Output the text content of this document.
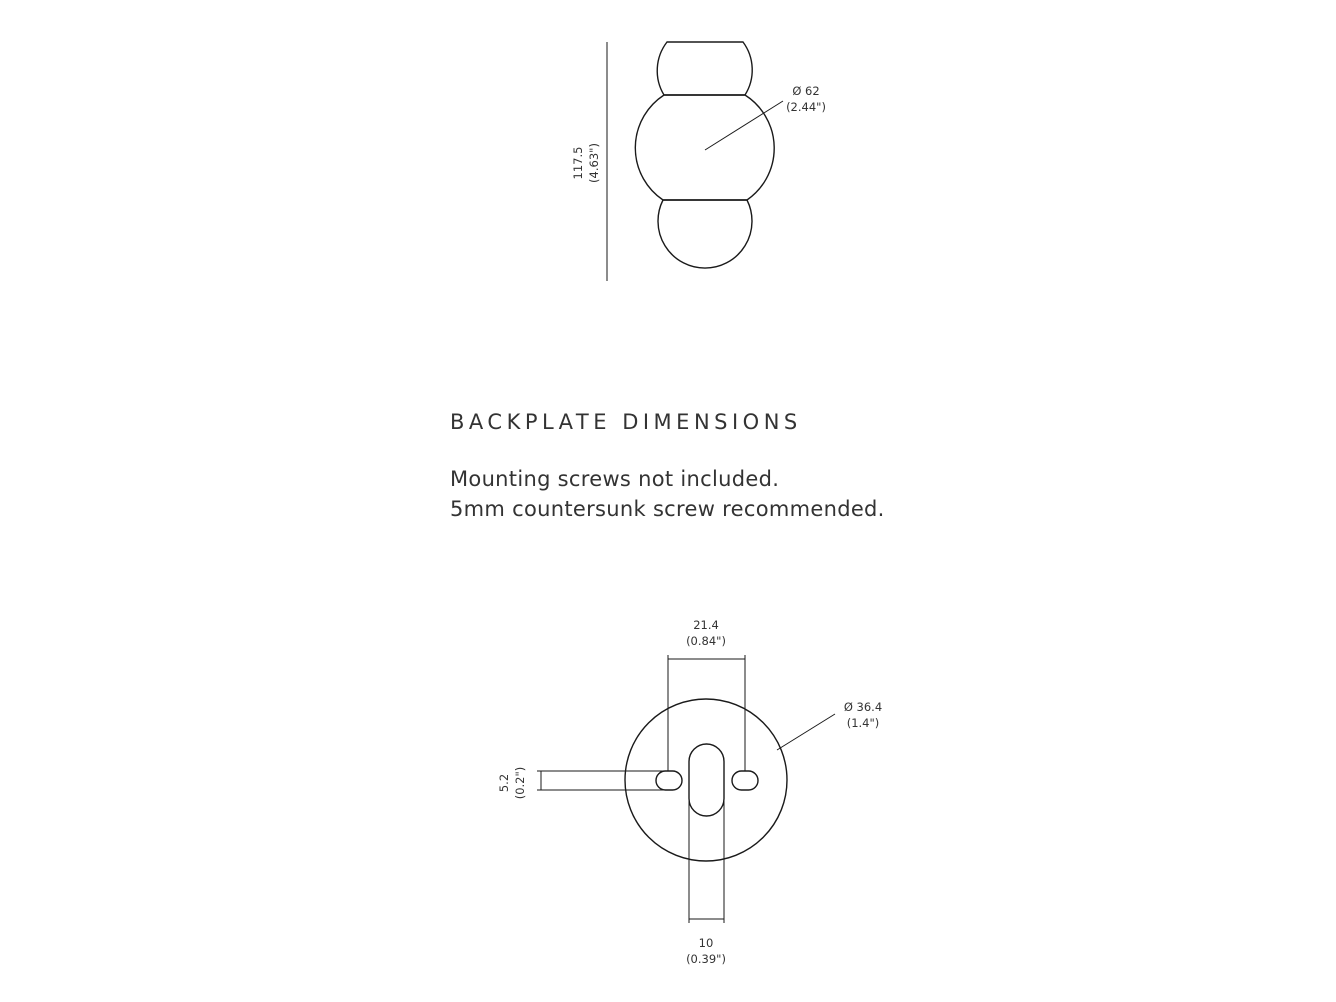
Ø 62
(2.44")
117.5 (4.63")
21.4
(0.84")
Ø 36.4
(1.4")
5.2 (0.2")
10
(0.39")
BACKPLATE DIMENSIONS

Mounting screws not included.

5mm countersunk screw recommended.
